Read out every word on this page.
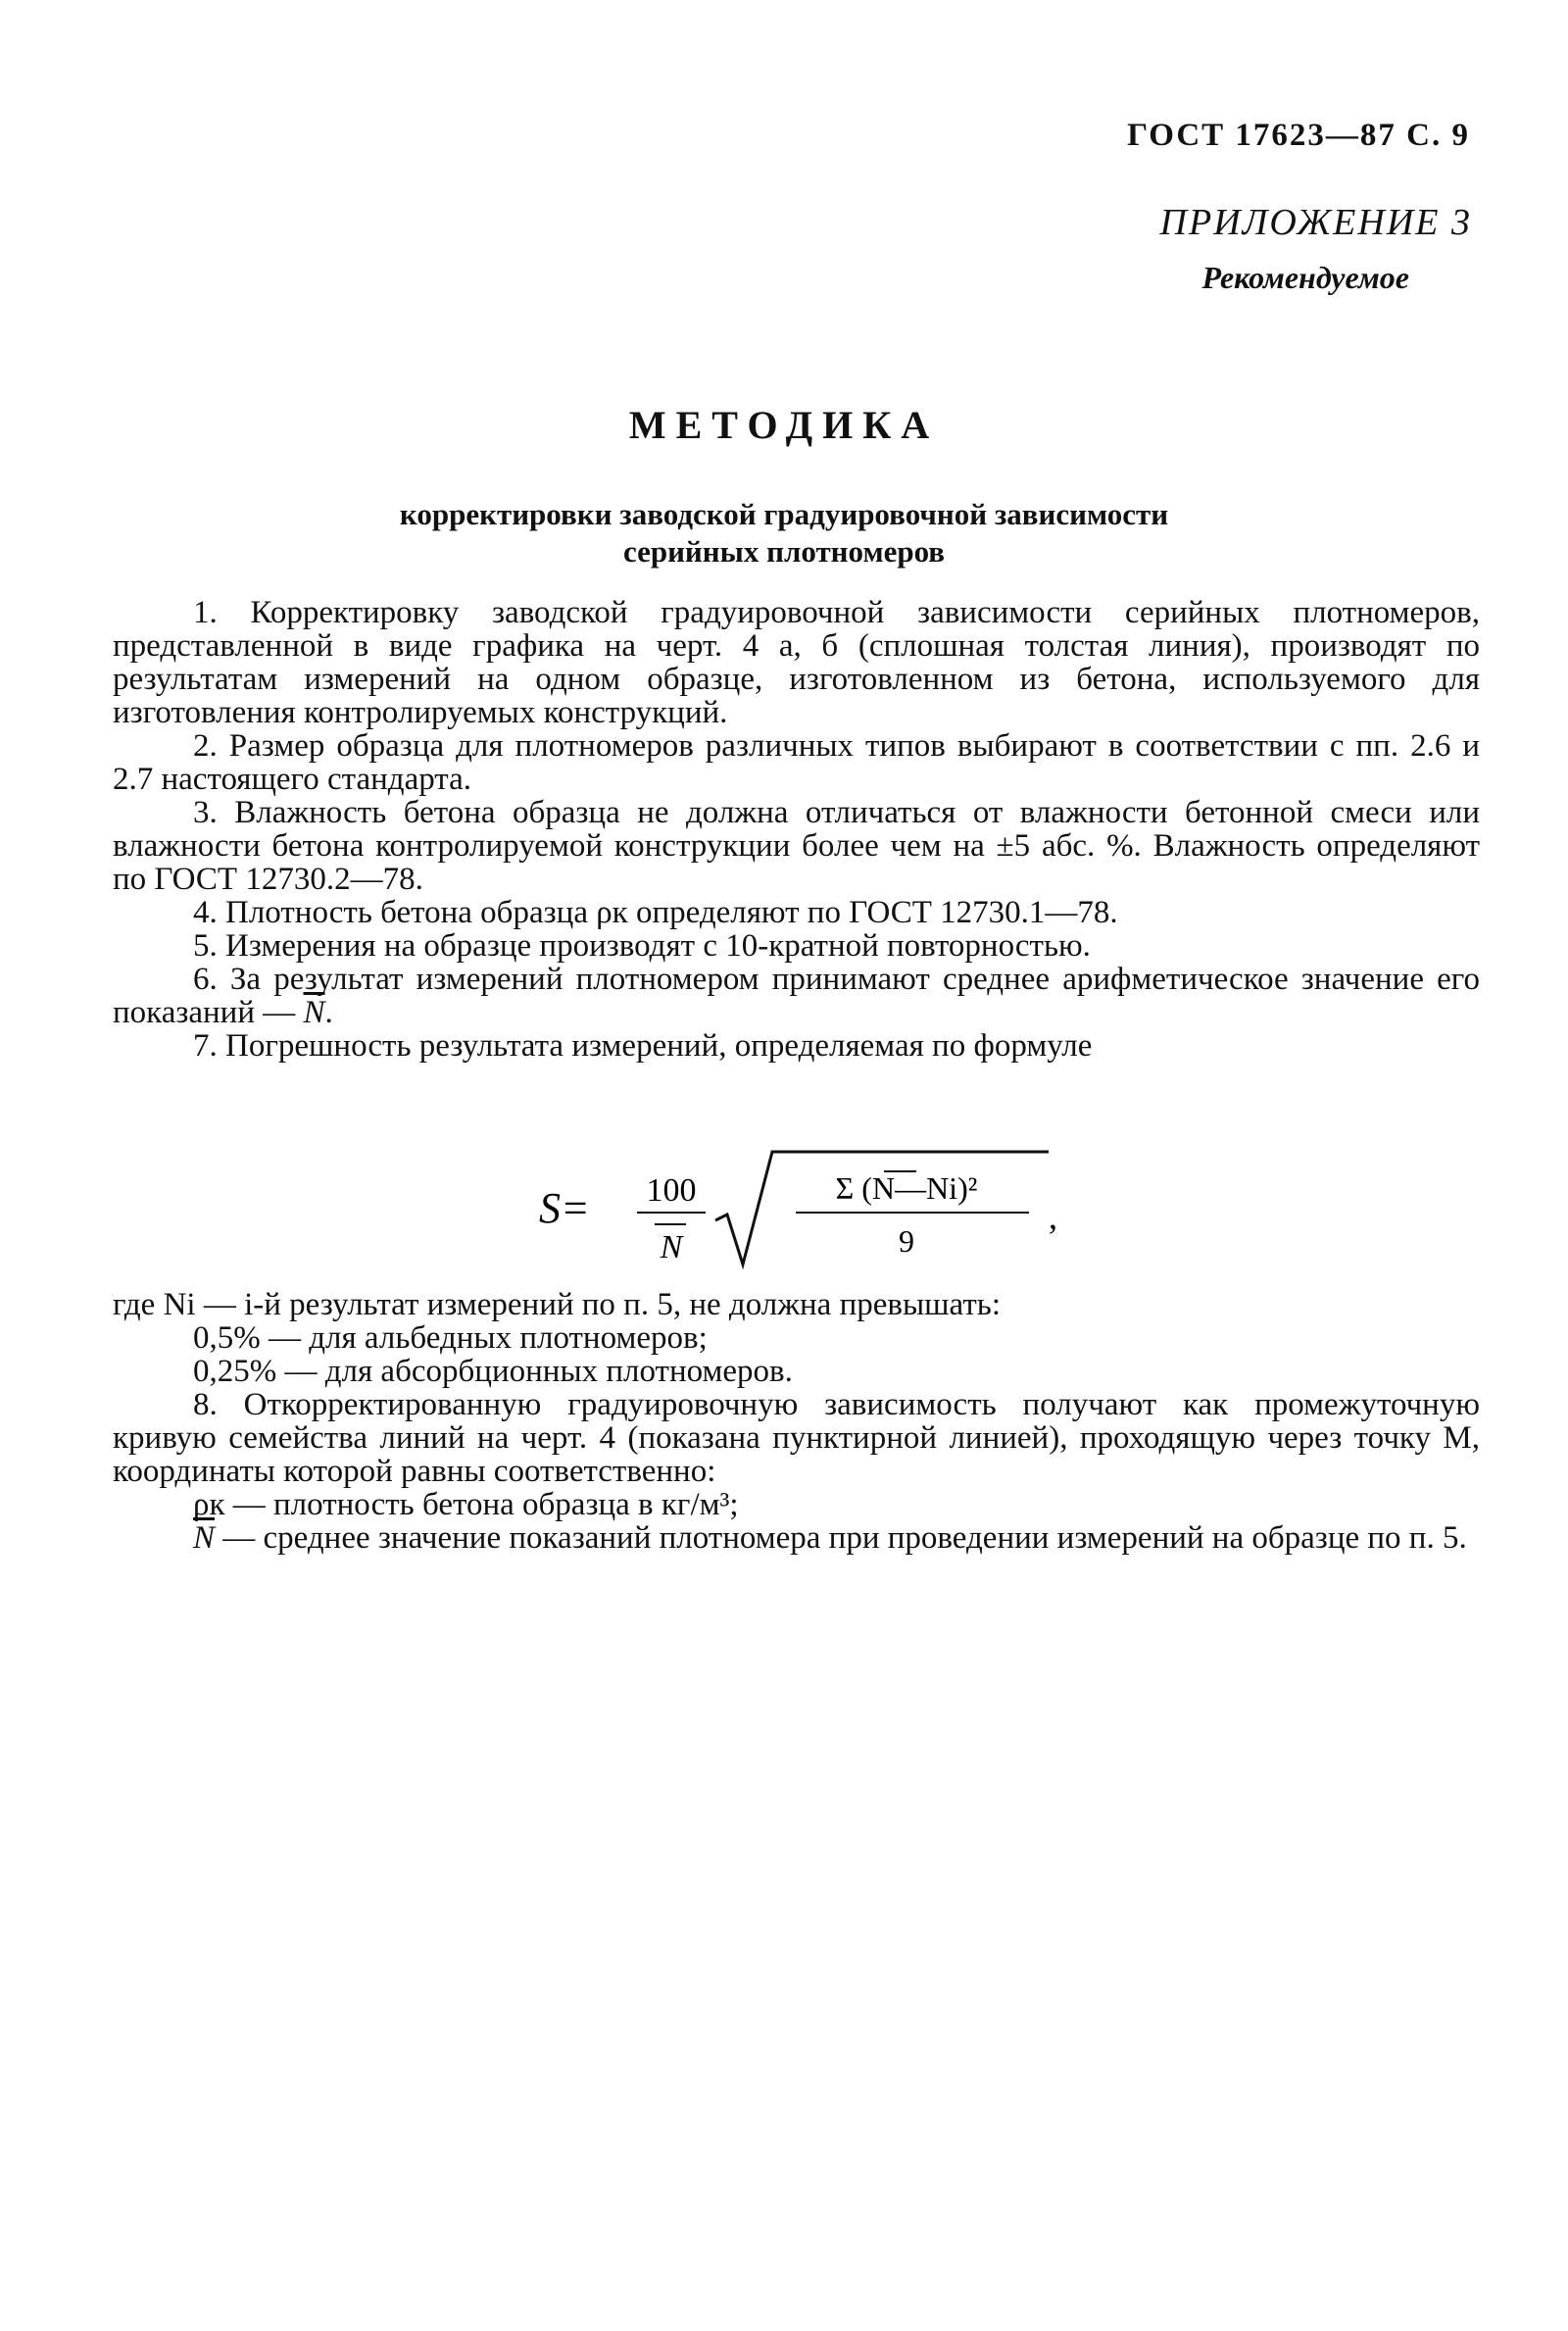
ГОСТ 17623—87 С. 9
ПРИЛОЖЕНИЕ 3
Рекомендуемое
МЕТОДИКА
корректировки заводской градуировочной зависимости
серийных плотномеров

1. Корректировку заводской градуировочной зависимости серийных плотномеров, представленной в виде графика на черт. 4 а, б (сплошная толстая линия), производят по результатам измерений на одном образце, изготовленном из бетона, используемого для изготовления контролируемых конструкций.

2. Размер образца для плотномеров различных типов выбирают в соответствии с пп. 2.6 и 2.7 настоящего стандарта.

3. Влажность бетона образца не должна отличаться от влажности бетонной смеси или влажности бетона контролируемой конструкции более чем на ±5 абс. %. Влажность определяют по ГОСТ 12730.2—78.

4. Плотность бетона образца ρк определяют по ГОСТ 12730.1—78.

5. Измерения на образце производят с 10-кратной повторностью.

6. За результат измерений плотномером принимают среднее арифметическое значение его показаний — $\overline{N}$.

7. Погрешность результата измерений, определяемая по формуле

S= 100
N
Σ (N—Ni)²
9
,

где Ni — i-й результат измерений по п. 5, не должна превышать:

0,5% — для альбедных плотномеров;

0,25% — для абсорбционных плотномеров.

8. Откорректированную градуировочную зависимость получают как промежуточную кривую семейства линий на черт. 4 (показана пунктирной линией), проходящую через точку М, координаты которой равны соответственно:

ρк — плотность бетона образца в кг/м³;

$\overline{N}$ — среднее значение показаний плотномера при проведении измерений на образце по п. 5.
